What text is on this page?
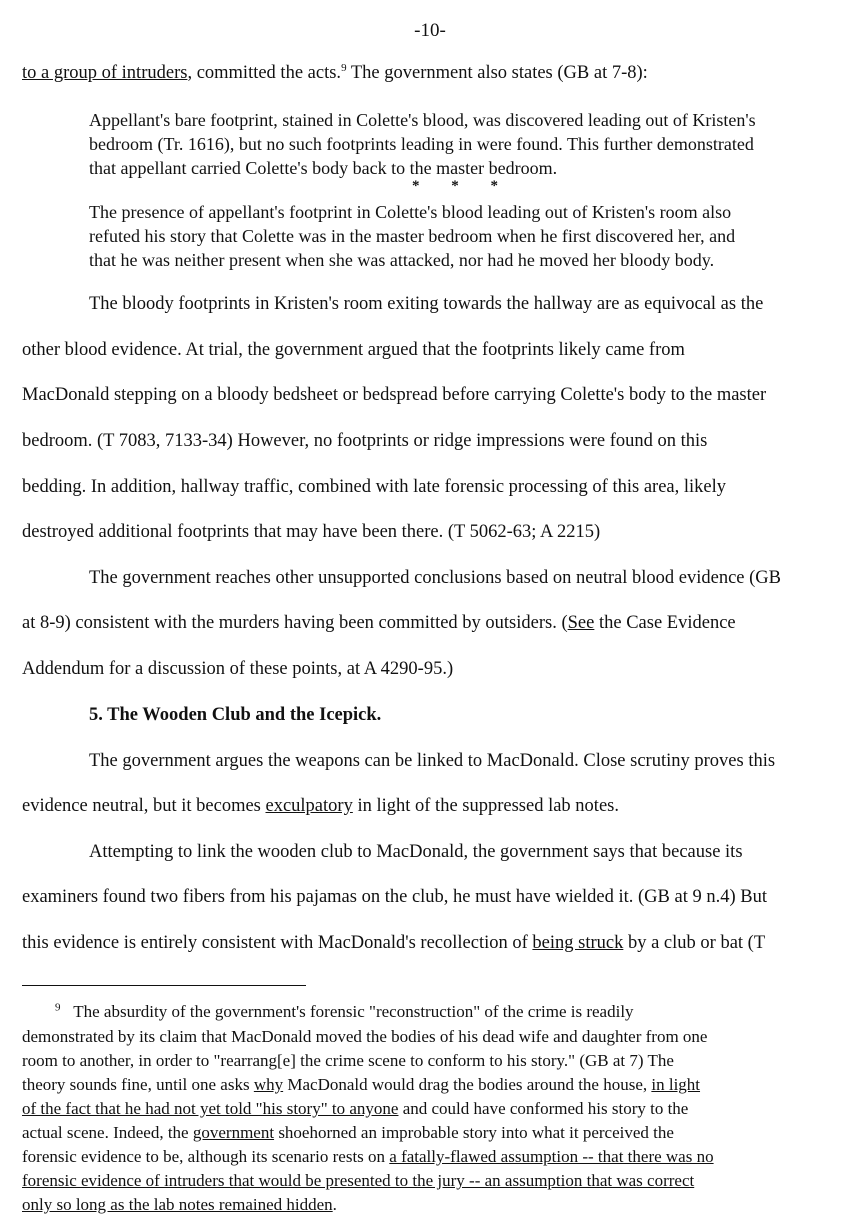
-10-
to a group of intruders, committed the acts.$^9$ The government also states (GB at 7-8):
Appellant's bare footprint, stained in Colette's blood, was discovered leading out of Kristen's
bedroom (Tr. 1616), but no such footprints leading in were found. This further demonstrated
that appellant carried Colette's body back to the master bedroom.
* * *
The presence of appellant's footprint in Colette's blood leading out of Kristen's room also
refuted his story that Colette was in the master bedroom when he first discovered her, and
that he was neither present when she was attacked, nor had he moved her bloody body.
The bloody footprints in Kristen's room exiting towards the hallway are as equivocal as the
other blood evidence. At trial, the government argued that the footprints likely came from
MacDonald stepping on a bloody bedsheet or bedspread before carrying Colette's body to the master
bedroom. (T 7083, 7133-34) However, no footprints or ridge impressions were found on this
bedding. In addition, hallway traffic, combined with late forensic processing of this area, likely
destroyed additional footprints that may have been there. (T 5062-63; A 2215)
The government reaches other unsupported conclusions based on neutral blood evidence (GB
at 8-9) consistent with the murders having been committed by outsiders. (See the Case Evidence
Addendum for a discussion of these points, at A 4290-95.)
5. The Wooden Club and the Icepick.
The government argues the weapons can be linked to MacDonald. Close scrutiny proves this
evidence neutral, but it becomes exculpatory in light of the suppressed lab notes.
Attempting to link the wooden club to MacDonald, the government says that because its
examiners found two fibers from his pajamas on the club, he must have wielded it. (GB at 9 n.4) But
this evidence is entirely consistent with MacDonald's recollection of being struck by a club or bat (T
$^9$ The absurdity of the government's forensic "reconstruction" of the crime is readily
demonstrated by its claim that MacDonald moved the bodies of his dead wife and daughter from one
room to another, in order to "rearrang[e] the crime scene to conform to his story." (GB at 7) The
theory sounds fine, until one asks why MacDonald would drag the bodies around the house, in light
of the fact that he had not yet told "his story" to anyone and could have conformed his story to the
actual scene. Indeed, the government shoehorned an improbable story into what it perceived the
forensic evidence to be, although its scenario rests on a fatally-flawed assumption -- that there was no
forensic evidence of intruders that would be presented to the jury -- an assumption that was correct
only so long as the lab notes remained hidden.
